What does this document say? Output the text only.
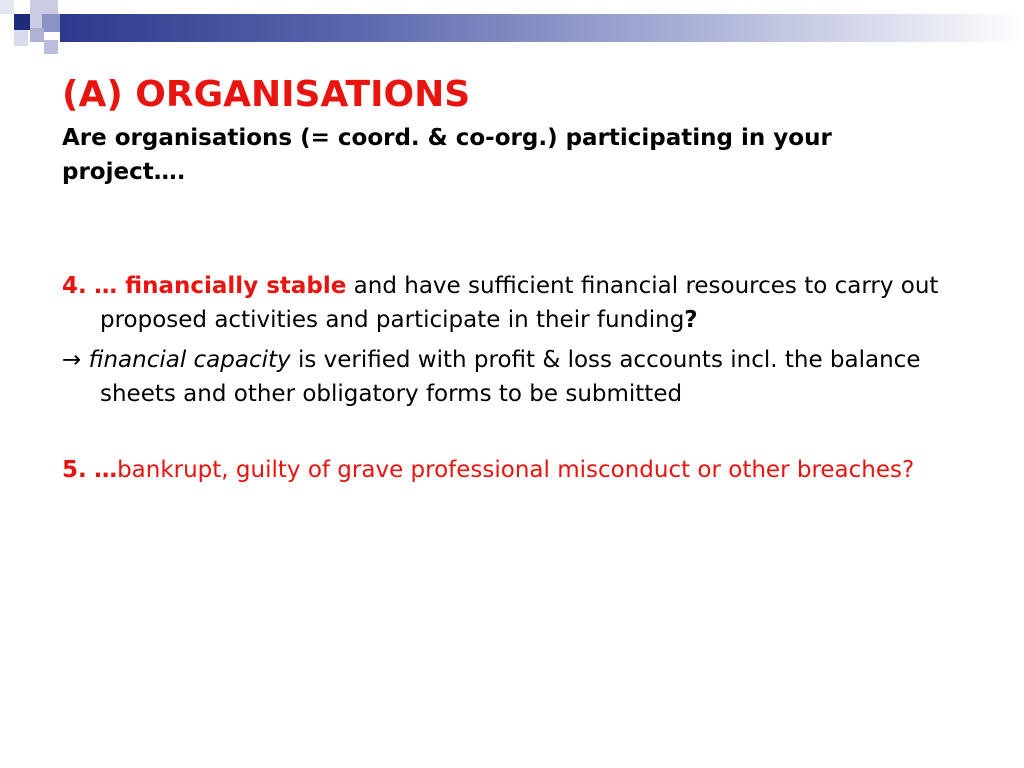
(A) ORGANISATIONS

Are organisations (= coord. & co-org.) participating in your project….

4. … financially stable and have sufficient financial resources to carry out proposed activities and participate in their funding?

→ financial capacity is verified with profit & loss accounts incl. the balance sheets and other obligatory forms to be submitted

5. …bankrupt, guilty of grave professional misconduct or other breaches?
